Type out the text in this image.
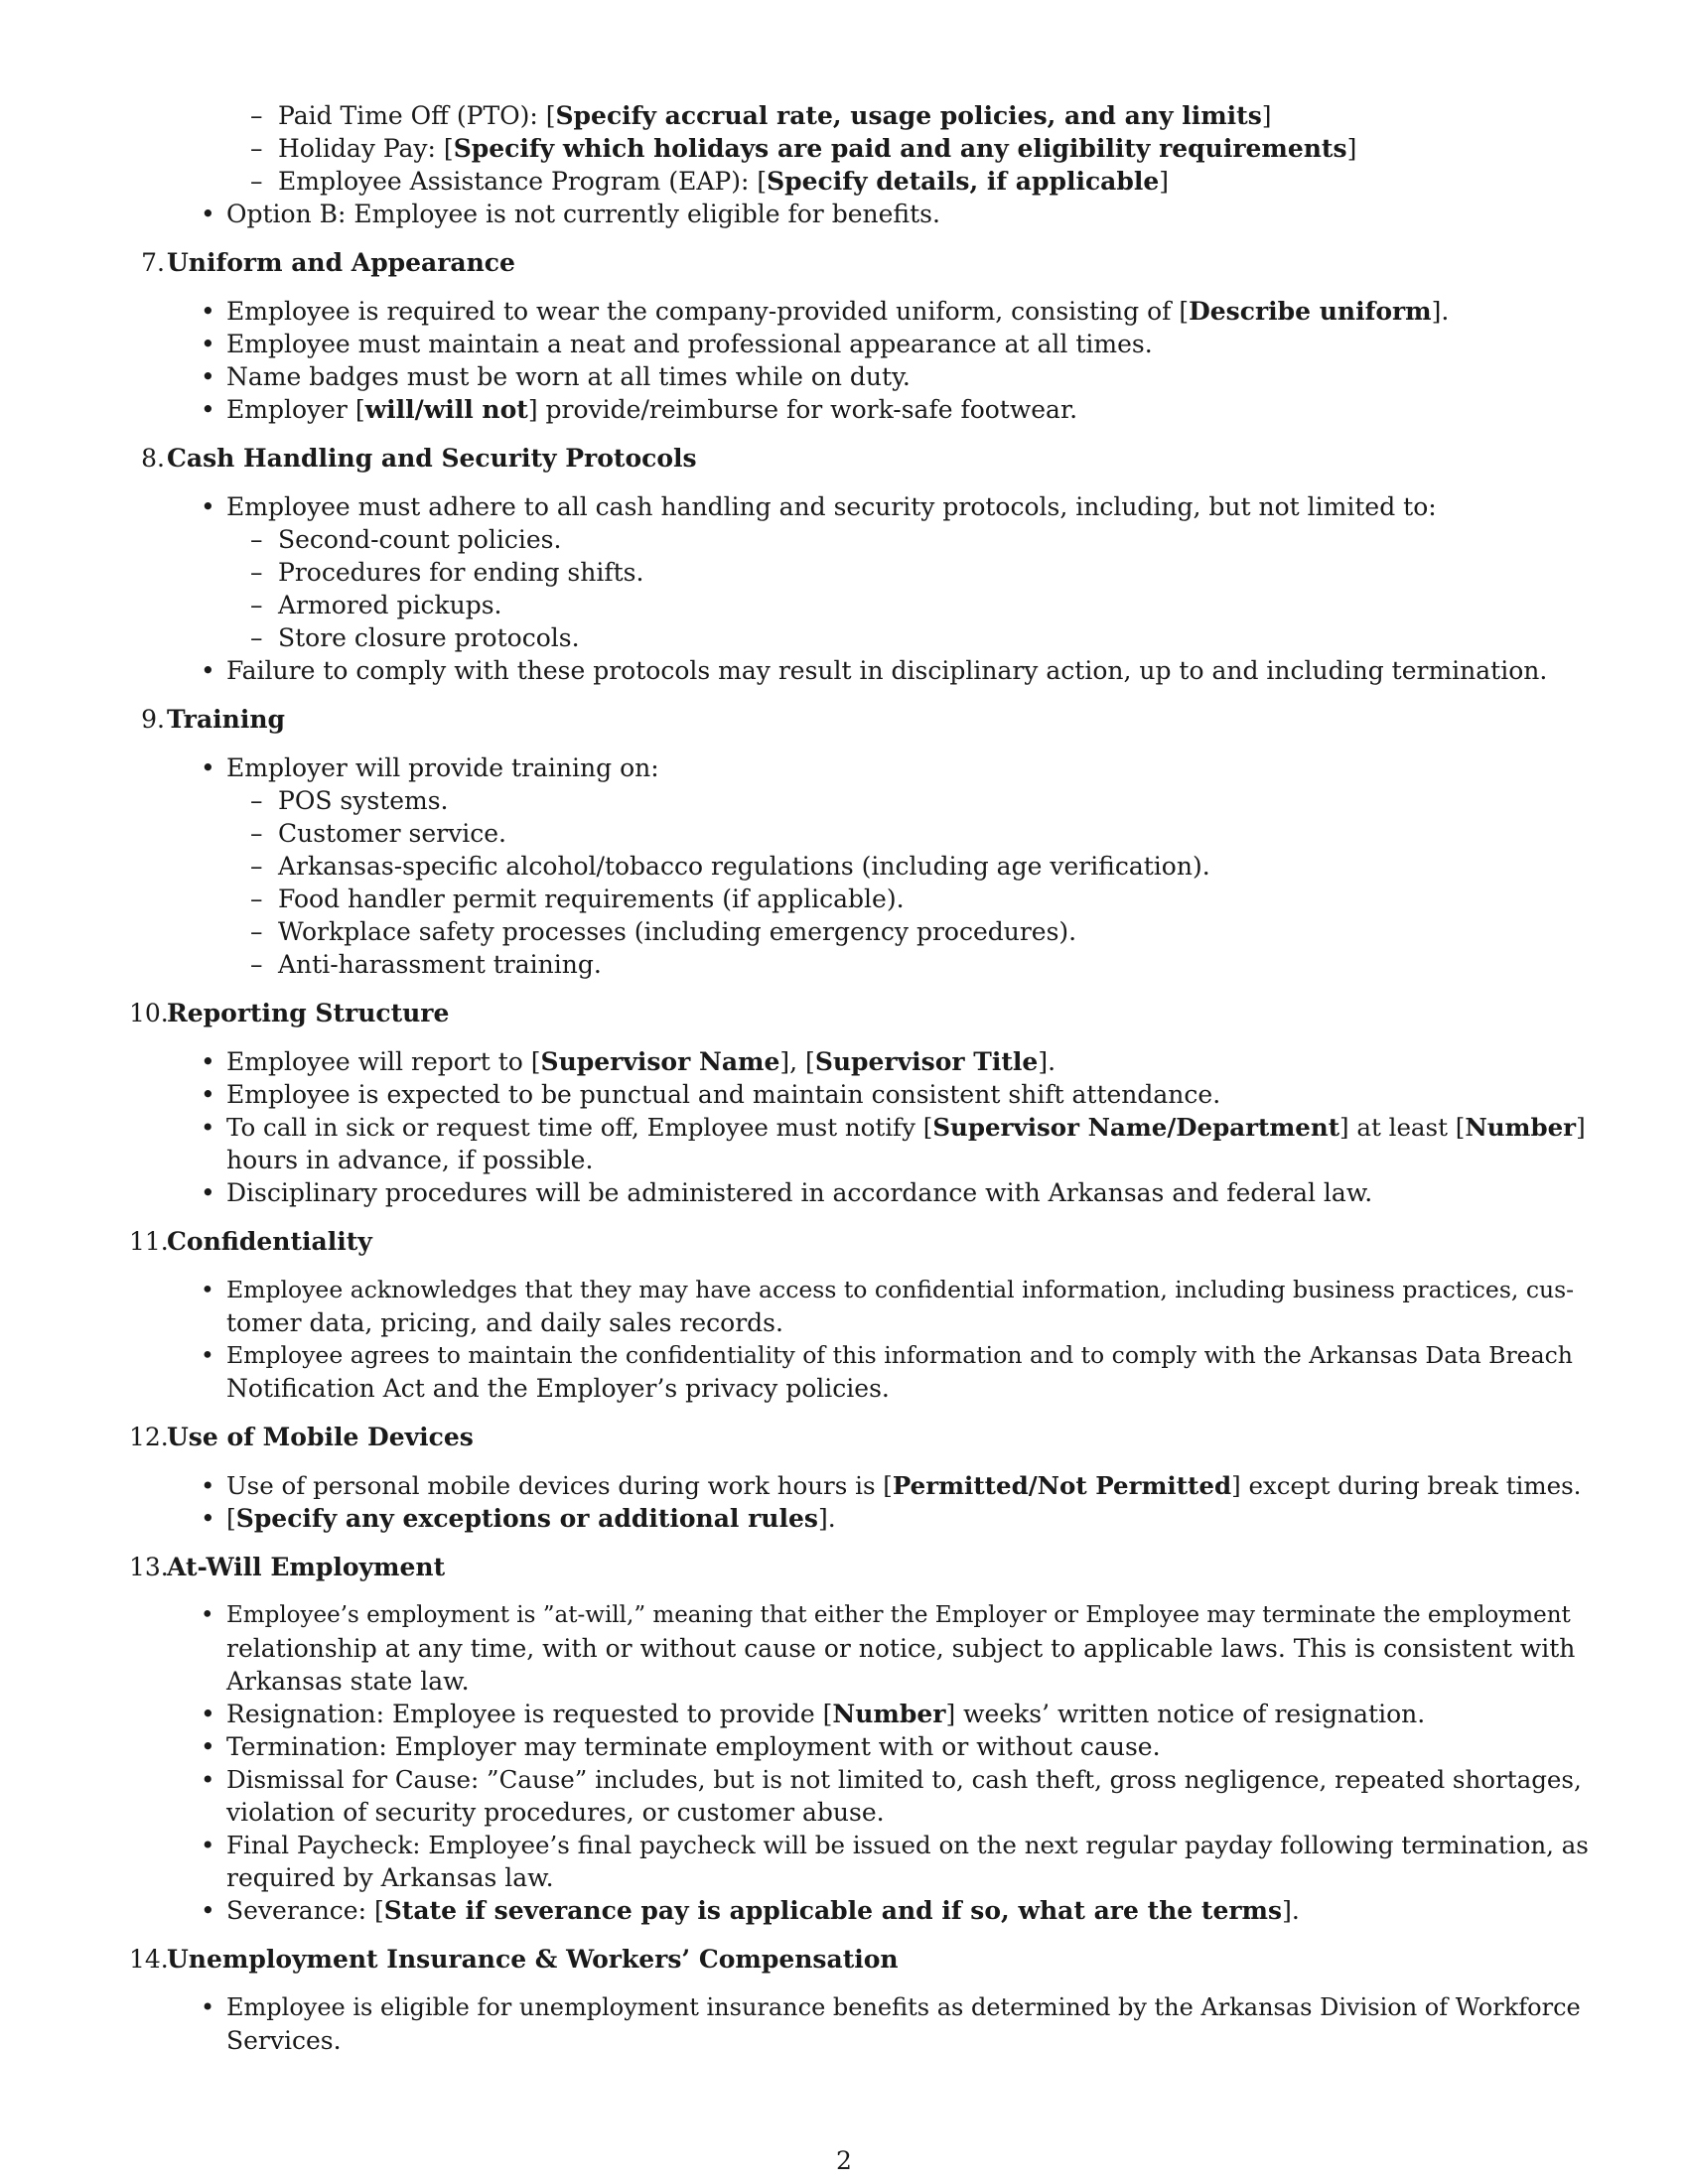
– Paid Time Off (PTO): [Specify accrual rate, usage policies, and any limits]
– Holiday Pay: [Specify which holidays are paid and any eligibility requirements]
– Employee Assistance Program (EAP): [Specify details, if applicable]
• Option B: Employee is not currently eligible for benefits.
7. Uniform and Appearance
• Employee is required to wear the company-provided uniform, consisting of [Describe uniform].
• Employee must maintain a neat and professional appearance at all times.
• Name badges must be worn at all times while on duty.
• Employer [will/will not] provide/reimburse for work-safe footwear.
8. Cash Handling and Security Protocols
• Employee must adhere to all cash handling and security protocols, including, but not limited to:
– Second-count policies.
– Procedures for ending shifts.
– Armored pickups.
– Store closure protocols.
• Failure to comply with these protocols may result in disciplinary action, up to and including termination.
9. Training
• Employer will provide training on:
– POS systems.
– Customer service.
– Arkansas-specific alcohol/tobacco regulations (including age verification).
– Food handler permit requirements (if applicable).
– Workplace safety processes (including emergency procedures).
– Anti-harassment training.
10.
Reporting Structure
• Employee will report to [Supervisor Name], [Supervisor Title].
• Employee is expected to be punctual and maintain consistent shift attendance.
• To call in sick or request time off, Employee must notify [Supervisor Name/Department] at least [Number]
hours in advance, if possible.
• Disciplinary procedures will be administered in accordance with Arkansas and federal law.
11.
Confidentiality
• Employee acknowledges that they may have access to confidential information, including business practices, cus-
tomer data, pricing, and daily sales records.
• Employee agrees to maintain the confidentiality of this information and to comply with the Arkansas Data Breach
Notification Act and the Employer’s privacy policies.
12.
Use of Mobile Devices
• Use of personal mobile devices during work hours is [Permitted/Not Permitted] except during break times.
• [Specify any exceptions or additional rules].
13.
At-Will Employment
• Employee’s employment is ”at-will,” meaning that either the Employer or Employee may terminate the employment
relationship at any time, with or without cause or notice, subject to applicable laws. This is consistent with
Arkansas state law.
• Resignation: Employee is requested to provide [Number] weeks’ written notice of resignation.
• Termination: Employer may terminate employment with or without cause.
• Dismissal for Cause: ”Cause” includes, but is not limited to, cash theft, gross negligence, repeated shortages,
violation of security procedures, or customer abuse.
• Final Paycheck: Employee’s final paycheck will be issued on the next regular payday following termination, as
required by Arkansas law.
• Severance: [State if severance pay is applicable and if so, what are the terms].
14.
Unemployment Insurance & Workers’ Compensation
• Employee is eligible for unemployment insurance benefits as determined by the Arkansas Division of Workforce
Services.
2
